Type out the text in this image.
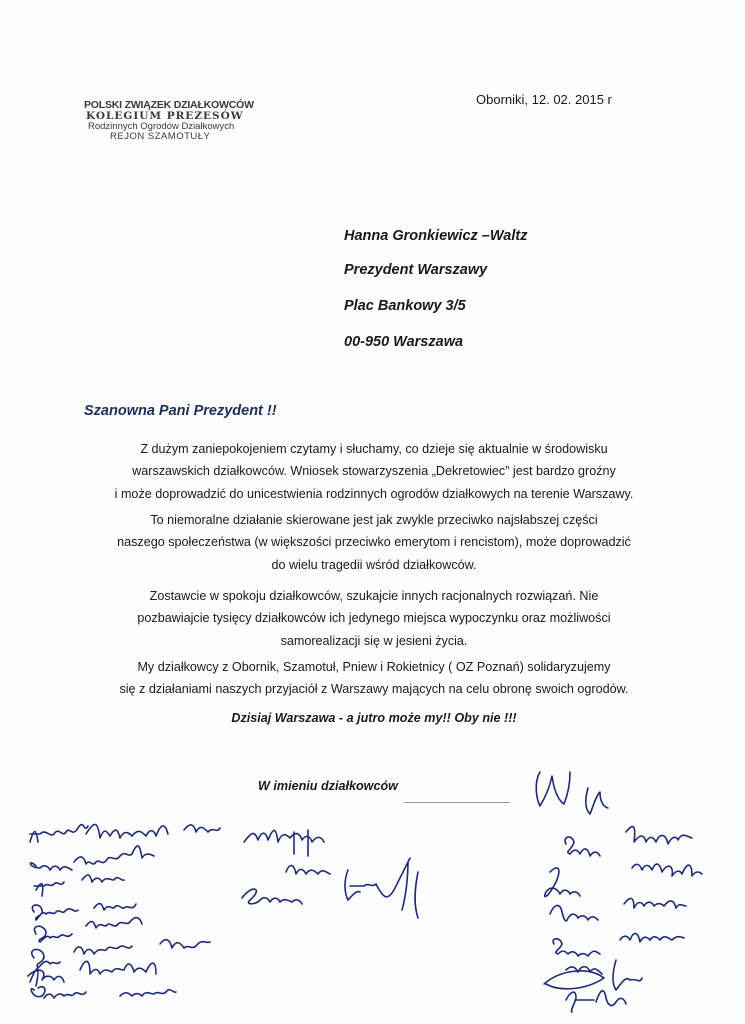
POLSKI ZWIĄZEK DZIAŁKOWCÓW
KOLEGIUM PREZESÓW
Rodzinnych Ogrodów Działkowych
REJON SZAMOTUŁY
Oborniki, 12. 02. 2015 r
Hanna Gronkiewicz –Waltz
Prezydent Warszawy
Plac Bankowy 3/5
00-950 Warszawa
Szanowna Pani Prezydent !!
Z dużym zaniepokojeniem czytamy i słuchamy, co dzieje się aktualnie w środowisku
warszawskich działkowców. Wniosek stowarzyszenia „Dekretowiec” jest bardzo groźny
i może doprowadzić do unicestwienia rodzinnych ogrodów działkowych na terenie Warszawy.
To niemoralne działanie skierowane jest jak zwykle przeciwko najsłabszej części
naszego społeczeństwa (w większości przeciwko emerytom i rencistom), może doprowadzić
do wielu tragedii wśród działkowców.
Zostawcie w spokoju działkowców, szukajcie innych racjonalnych rozwiązań. Nie
pozbawiajcie tysięcy działkowców ich jedynego miejsca wypoczynku oraz możliwości
samorealizacji się w jesieni życia.
My działkowcy z Obornik, Szamotuł, Pniew i Rokietnicy ( OZ Poznań) solidaryzujemy
się z działaniami naszych przyjaciół z Warszawy mających na celu obronę swoich ogrodów.
Dzisiaj Warszawa - a jutro może my!! Oby nie !!!
W imieniu działkowców
